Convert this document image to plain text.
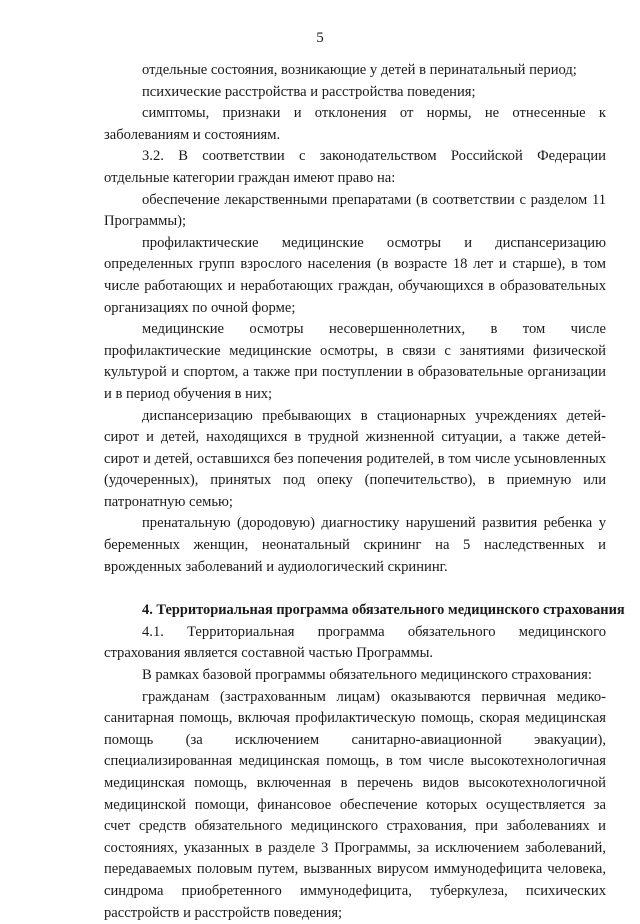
5

отдельные состояния, возникающие у детей в перинатальный период;

психические расстройства и расстройства поведения;

симптомы, признаки и отклонения от нормы, не отнесенные к заболеваниям и состояниям.

3.2. В соответствии с законодательством Российской Федерации отдельные категории граждан имеют право на:

обеспечение лекарственными препаратами (в соответствии с разделом 11 Программы);

профилактические медицинские осмотры и диспансеризацию определенных групп взрослого населения (в возрасте 18 лет и старше), в том числе работающих и неработающих граждан, обучающихся в образовательных организациях по очной форме;

медицинские осмотры несовершеннолетних, в том числе профилактические медицинские осмотры, в связи с занятиями физической культурой и спортом, а также при поступлении в образовательные организации и в период обучения в них;

диспансеризацию пребывающих в стационарных учреждениях детей-сирот и детей, находящихся в трудной жизненной ситуации, а также детей-сирот и детей, оставшихся без попечения родителей, в том числе усыновленных (удочеренных), принятых под опеку (попечительство), в приемную или патронатную семью;

пренатальную (дородовую) диагностику нарушений развития ребенка у беременных женщин, неонатальный скрининг на 5 наследственных и врожденных заболеваний и аудиологический скрининг.

4. Территориальная программа обязательного медицинского страхования

4.1. Территориальная программа обязательного медицинского страхования является составной частью Программы.

В рамках базовой программы обязательного медицинского страхования:

гражданам (застрахованным лицам) оказываются первичная медико-санитарная помощь, включая профилактическую помощь, скорая медицинская помощь (за исключением санитарно-авиационной эвакуации), специализированная медицинская помощь, в том числе высокотехнологичная медицинская помощь, включенная в перечень видов высокотехнологичной медицинской помощи, финансовое обеспечение которых осуществляется за счет средств обязательного медицинского страхования, при заболеваниях и состояниях, указанных в разделе 3 Программы, за исключением заболеваний, передаваемых половым путем, вызванных вирусом иммунодефицита человека, синдрома приобретенного иммунодефицита, туберкулеза, психических расстройств и расстройств поведения;
